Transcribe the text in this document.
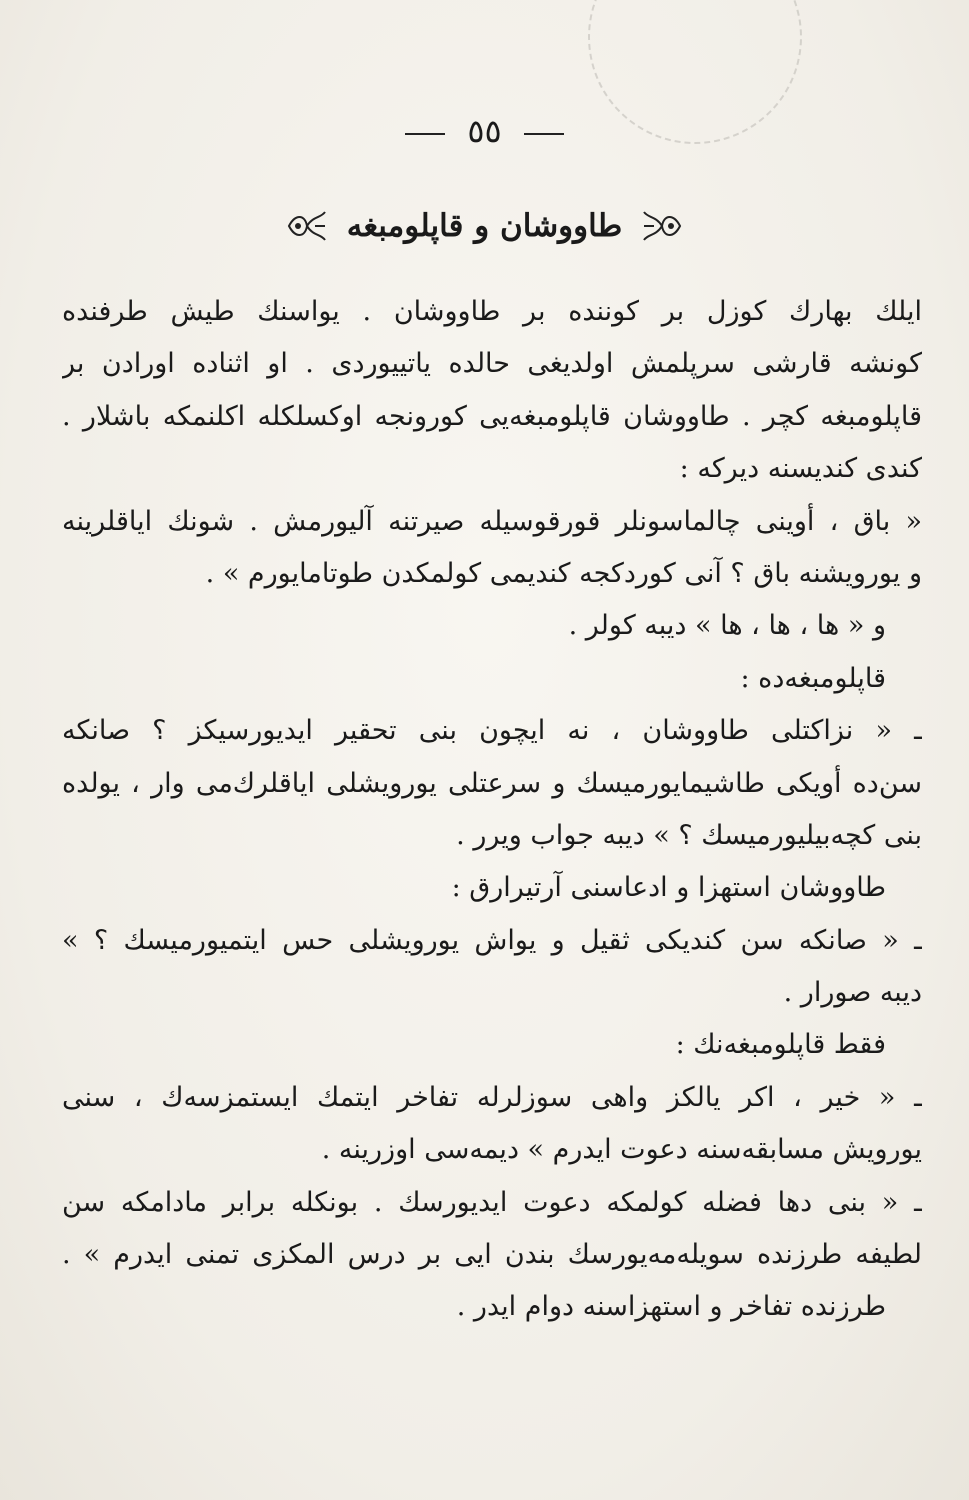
٥٥
طاووشان و قاپلومبغه
ایلك بهارك كوزل بر كوننده بر طاووشان . يواسنك طيش طرفنده
كونشه قارشی سرپلمش اولديغی حالده ياتييوردی . او اثناده اورادن بر
قاپلومبغه كچر . طاووشان قاپلومبغه‌يی كورونجه اوكسلكله اكلنمكه باشلار .
كندی كنديسنه ديركه :
« باق ، أوينی چالماسونلر قورقوسيله صيرتنه آليورمش . شونك اياقلرينه
و يورويشنه باق ؟ آنی كوردكجه كنديمی كولمكدن طوتامايورم » .
و « ها ، ها ، ها » ديبه كولر .
قاپلومبغه‌ده :
ـ « نزاكتلی طاووشان ، نه ايچون بنی تحقير ايديورسيكز ؟ صانكه
سن‌ده أويكی طاشيمايورميسك و سرعتلی يورويشلی اياقلرك‌می وار ، يولده
بنی كچه‌بيليورميسك ؟ » ديبه جواب ويرر .
طاووشان استهزا و ادعاسنی آرتيرارق :
ـ « صانكه سن كنديكی ثقيل و يواش يورويشلی حس ايتميورميسك ؟ »
ديبه صورار .
فقط قاپلومبغه‌نك :
ـ « خير ، اكر يالكز واهی سوزلرله تفاخر ايتمك ايستمزسه‌ك ، سنی
يورويش مسابقه‌سنه دعوت ايدرم » ديمه‌سی اوزرينه .
ـ « بنی دها فضله كولمكه دعوت ايديورسك . بونكله برابر مادامكه سن
لطيفه طرزنده سويله‌مه‌يورسك بندن ايی بر درس المكزی تمنی ايدرم » .
طرزنده تفاخر و استهزاسنه دوام ايدر .
